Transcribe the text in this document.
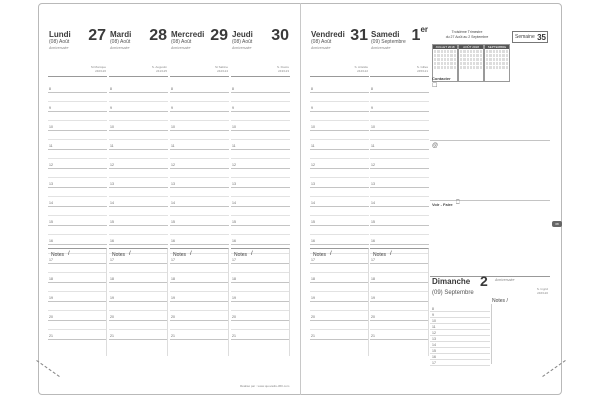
Lundi
(08) Août
Anniversaire
27
St Monique
240/126
8
9
10
11
12
13
14
15
16
17
18
19
20
21
Notes /
Mardi
(08) Août
Anniversaire
28
S. Augustin
241/125
8
9
10
11
12
13
14
15
16
17
18
19
20
21
Notes /
Mercredi
(08) Août
Anniversaire
29
St Sabine
242/124
8
9
10
11
12
13
14
15
16
17
18
19
20
21
Notes /
Jeudi
(08) Août
Anniversaire
30
S. Fiacre
243/123
8
9
10
11
12
13
14
15
16
17
18
19
20
21
Notes /
Vendredi
(08) Août
Anniversaire
31
S. Aristide
244/122
8
9
10
11
12
13
14
15
16
17
18
19
20
21
Notes /
Samedi
(09) Septembre
Anniversaire
1er
S. Gilles
245/121
8
9
10
11
12
13
14
15
16
17
18
19
20
21
Notes /
Réalisé par : www.quovadis-360.com
Troisième Trimestre
du 27 Août au 2 Septembre	Semaine 35
JUILLET 2018	AOÛT 2018	SEPTEMBRE
Contacter
☐
@
Voir - Faire ⎕
08
Dimanche 2 Anniversaire
S. Ingrid
246/120
(09) Septembre
Notes /
8
9
10
11
12
13
14
15
16
17
